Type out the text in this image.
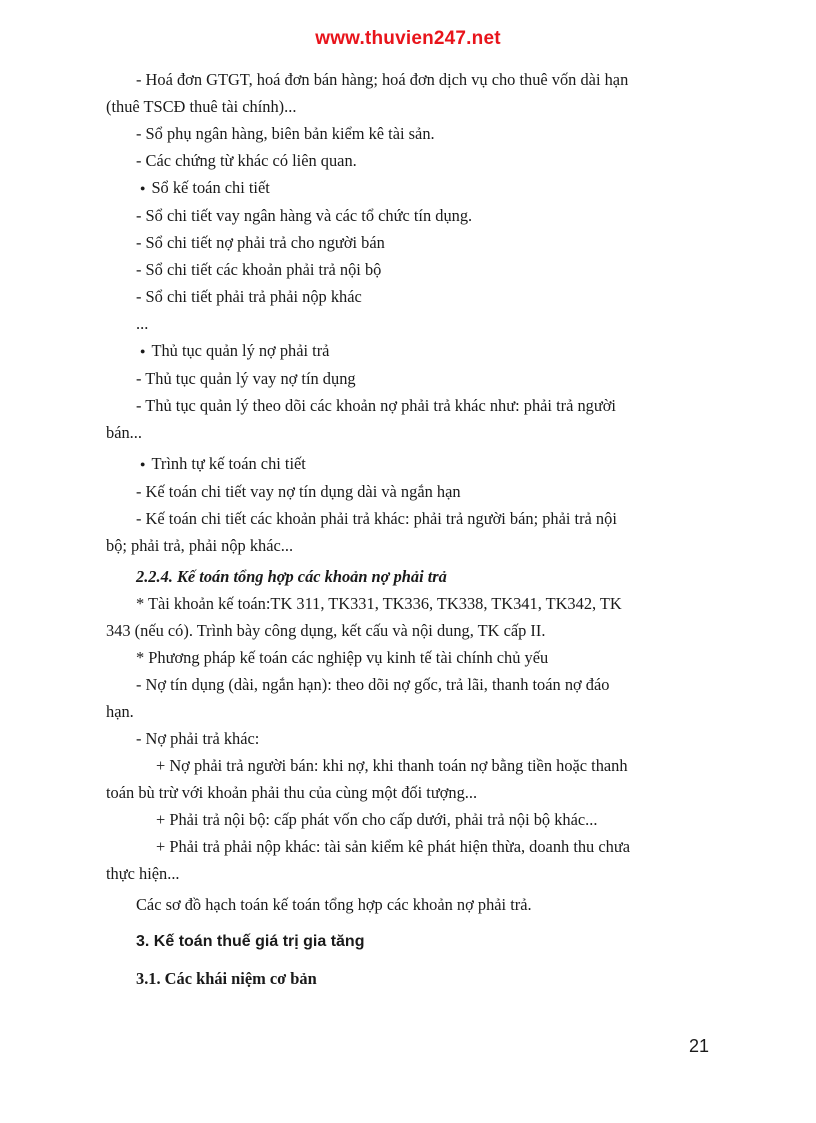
www.thuvien247.net
- Hoá đơn GTGT, hoá đơn bán hàng; hoá đơn dịch vụ cho thuê vốn dài hạn
(thuê TSCĐ thuê tài chính)...
- Sổ phụ ngân hàng, biên bản kiểm kê tài sản.
- Các chứng từ khác có liên quan.
● Sổ kế toán chi tiết
- Sổ chi tiết vay ngân hàng và các tổ chức tín dụng.
- Sổ chi tiết nợ phải trả cho người bán
- Sổ chi tiết các khoản phải trả nội bộ
- Sổ chi tiết phải trả phải nộp khác
...
● Thủ tục quản lý nợ phải trả
- Thủ tục quản lý vay nợ tín dụng
- Thủ tục quản lý theo dõi các khoản nợ phải trả khác như: phải trả người
bán...
● Trình tự kế toán chi tiết
- Kế toán chi tiết vay nợ tín dụng dài và ngắn hạn
- Kế toán chi tiết các khoản phải trả khác: phải trả người bán; phải trả nội
bộ; phải trả, phải nộp khác...
2.2.4. Kế toán tổng hợp các khoản nợ phải trả
* Tài khoản kế toán:TK 311, TK331, TK336, TK338, TK341, TK342, TK
343 (nếu có). Trình bày công dụng, kết cấu và nội dung, TK cấp II.
* Phương pháp kế toán các nghiệp vụ kinh tế tài chính chủ yếu
- Nợ tín dụng (dài, ngắn hạn): theo dõi nợ gốc, trả lãi, thanh toán nợ đáo
hạn.
- Nợ phải trả khác:
+ Nợ phải trả người bán: khi nợ, khi thanh toán nợ bằng tiền hoặc thanh
toán bù trừ với khoản phải thu của cùng một đối tượng...
+ Phải trả nội bộ: cấp phát vốn cho cấp dưới, phải trả nội bộ khác...
+ Phải trả phải nộp khác: tài sản kiểm kê phát hiện thừa, doanh thu chưa
thực hiện...
Các sơ đồ hạch toán kế toán tổng hợp các khoản nợ phải trả.
3. Kế toán thuế giá trị gia tăng
3.1. Các khái niệm cơ bản
21
